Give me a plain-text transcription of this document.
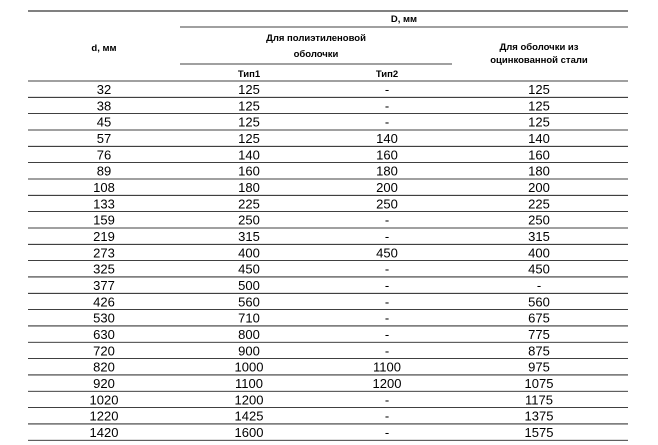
d, мм
D, мм
Для полиэтиленовой
оболочки
Тип1	Тип2
Для оболочки из
оцинкованной стали
32	125	-	125
38	125	-	125
45	125	-	125
57	125	140	140
76	140	160	160
89	160	180	180
108	180	200	200
133	225	250	225
159	250	-	250
219	315	-	315
273	400	450	400
325	450	-	450
377	500	-	-
426	560	-	560
530	710	-	675
630	800	-	775
720	900	-	875
820	1000	1100	975
920	1100	1200	1075
1020	1200	-	1175
1220	1425	-	1375
1420	1600	-	1575
